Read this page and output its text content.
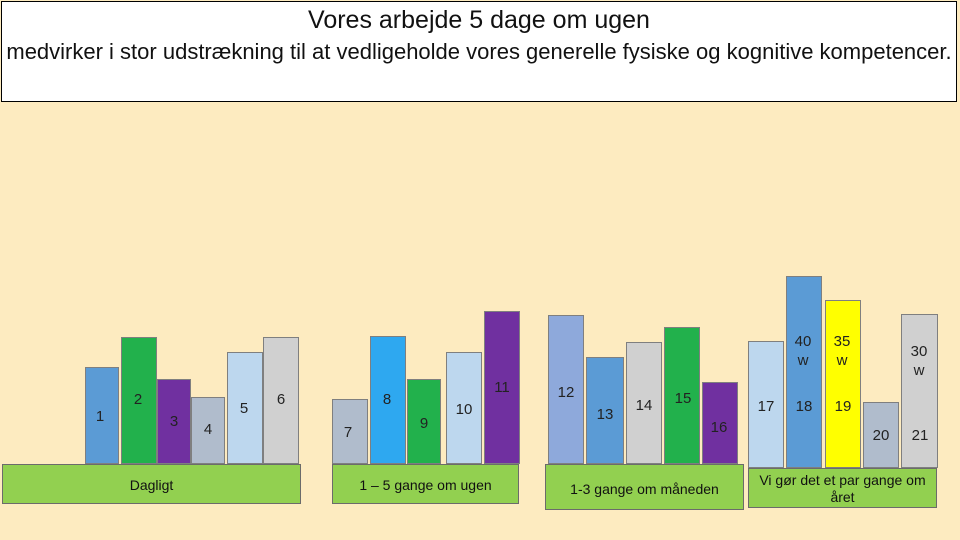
Vores arbejde 5 dage om ugen
medvirker i stor udstrækning til at vedligeholde vores generelle fysiske og kognitive kompetencer.
1
2
3	4
5
6
Dagligt
7
8
9
10
11
1 – 5 gange om ugen
12
13
14 15
16
1-3 gange om måneden
17
40 w
18
35 w
19
20
30 w
21
Vi gør det et par gange om året
